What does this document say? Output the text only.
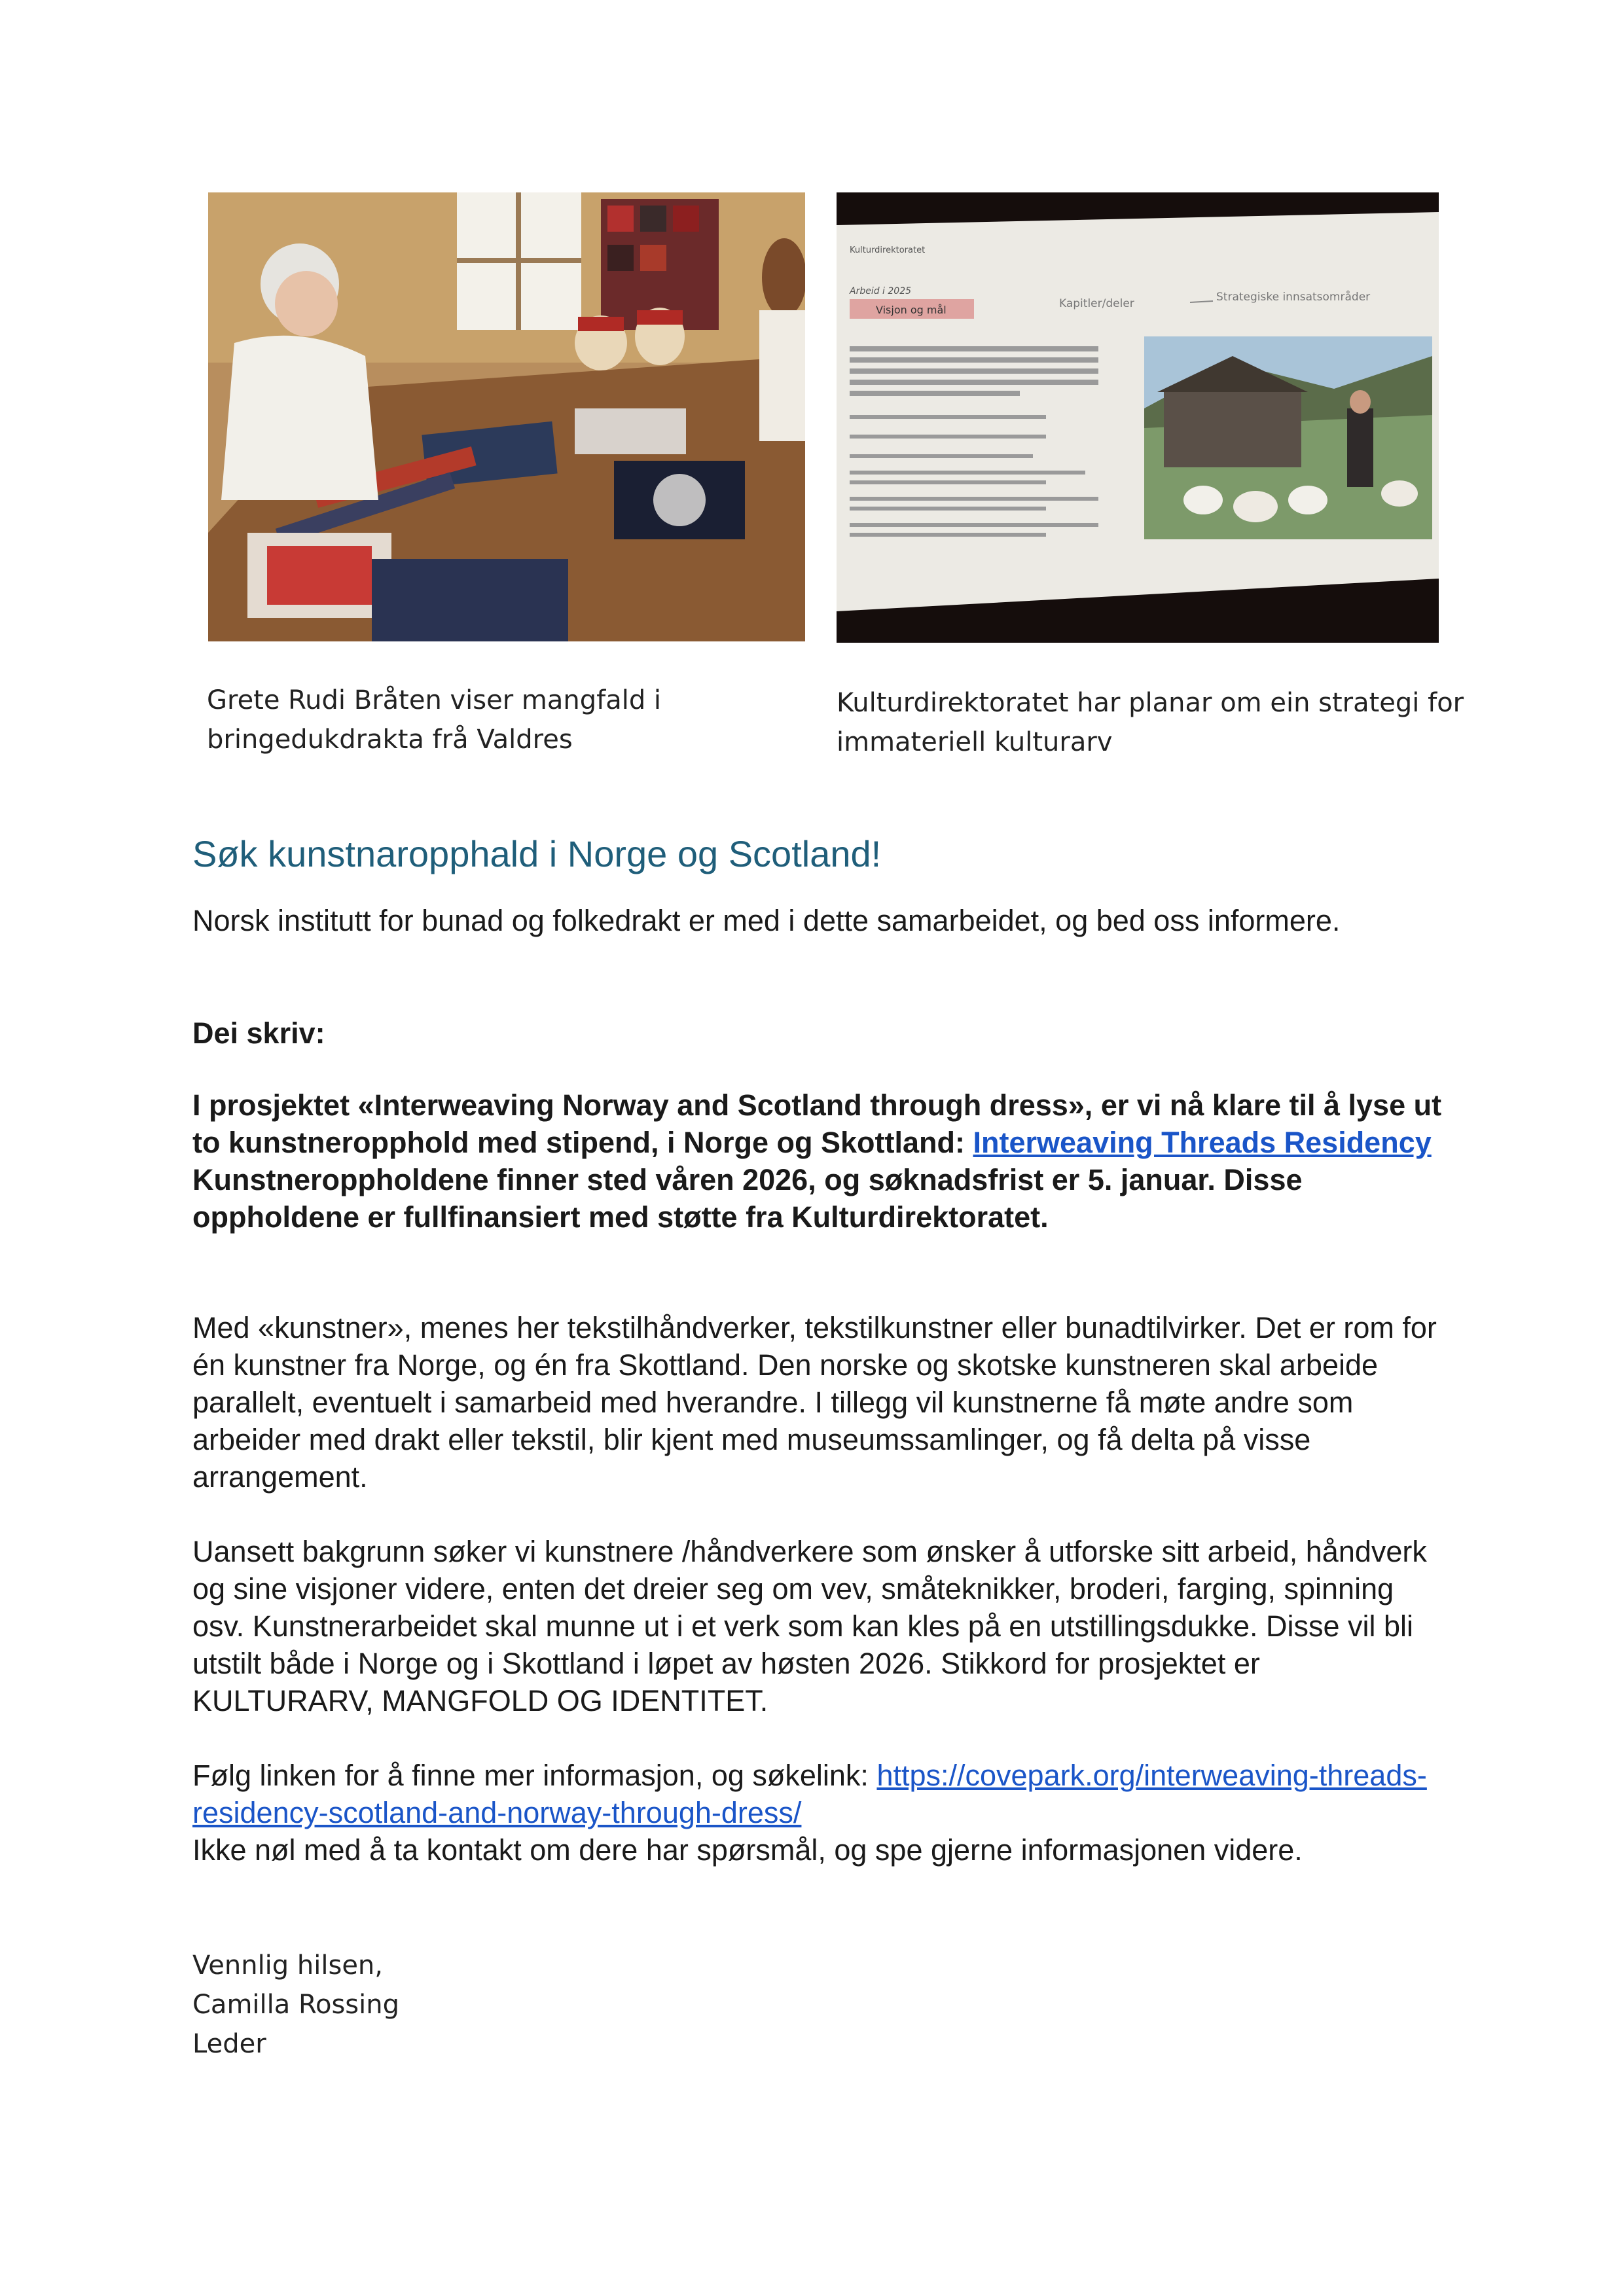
Kulturdirektoratet
Arbeid i 2025
Visjon og mål	Kapitler/deler	Strategiske innsatsområder
Grete Rudi Bråten viser mangfald i bringedukdrakta frå Valdres
Kulturdirektoratet har planar om ein strategi for immateriell kulturarv
Søk kunstnaropphald i Norge og Scotland!
Norsk institutt for bunad og folkedrakt er med i dette samarbeidet, og bed oss informere.
Dei skriv:
I prosjektet «Interweaving Norway and Scotland through dress», er vi nå klare til å lyse ut to kunstneropphold med stipend, i Norge og Skottland: Interweaving Threads Residency
Kunstneroppholdene finner sted våren 2026, og søknadsfrist er 5. januar. Disse oppholdene er fullfinansiert med støtte fra Kulturdirektoratet.
Med «kunstner», menes her tekstilhåndverker, tekstilkunstner eller bunadtilvirker. Det er rom for én kunstner fra Norge, og én fra Skottland. Den norske og skotske kunstneren skal arbeide parallelt, eventuelt i samarbeid med hverandre. I tillegg vil kunstnerne få møte andre som arbeider med drakt eller tekstil, blir kjent med museumssamlinger, og få delta på visse arrangement.
Uansett bakgrunn søker vi kunstnere /håndverkere som ønsker å utforske sitt arbeid, håndverk og sine visjoner videre, enten det dreier seg om vev, småteknikker, broderi, farging, spinning osv. Kunstnerarbeidet skal munne ut i et verk som kan kles på en utstillingsdukke. Disse vil bli utstilt både i Norge og i Skottland i løpet av høsten 2026. Stikkord for prosjektet er KULTURARV, MANGFOLD OG IDENTITET.
Følg linken for å finne mer informasjon, og søkelink: https://covepark.org/interweaving-threads-residency-scotland-and-norway-through-dress/
Ikke nøl med å ta kontakt om dere har spørsmål, og spe gjerne informasjonen videre.
Vennlig hilsen,
Camilla Rossing
Leder
